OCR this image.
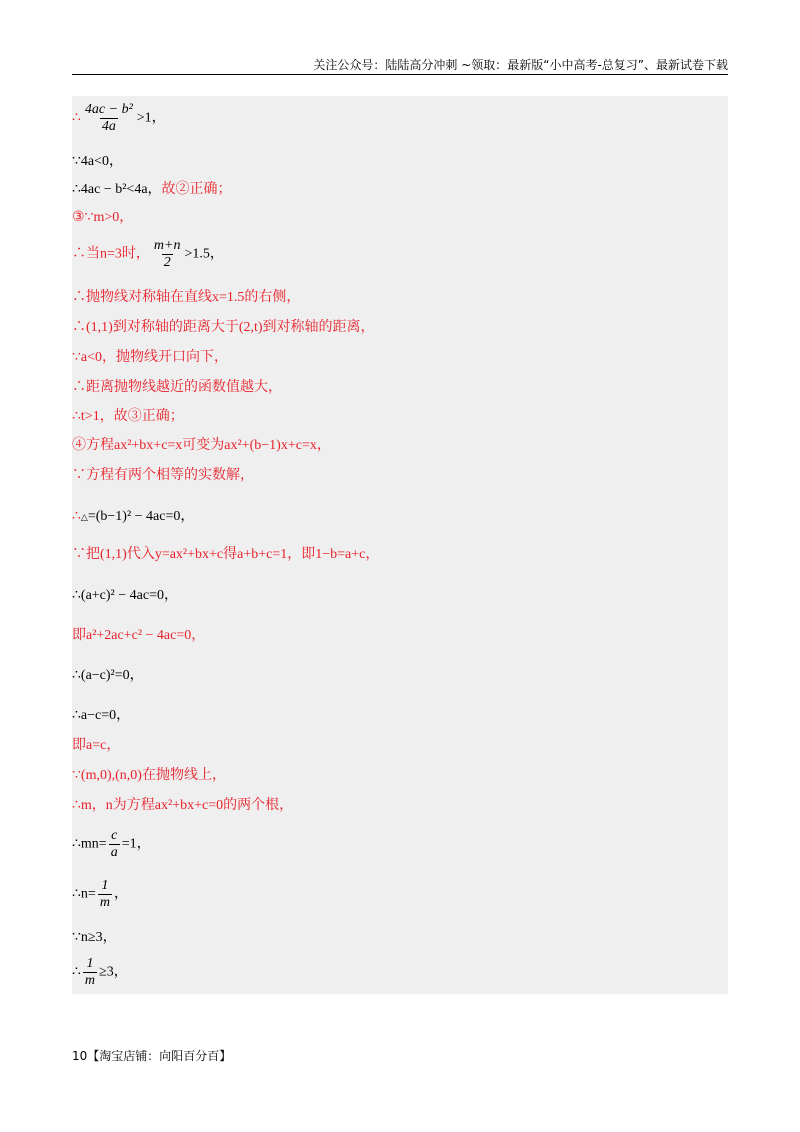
关注公众号：陆陆高分冲刺 ~领取：最新版“小中高考-总复习”、最新试卷下载
∴ $\frac{\text{4ac − b²}}{4a} >1$，
∵4a<0，
∴4ac − b²<4a，故②正确；
③∵m>0，
∴当n=3时， $\frac{m+n}{2} >1.5$，
∴抛物线对称轴在直线x=1.5的右侧，
∴(1,1)到对称轴的距离大于(2,t)到对称轴的距离，
∵a<0，抛物线开口向下，
∴距离抛物线越近的函数值越大，
∴t>1，故③正确；
④方程ax²+bx+c=x可变为ax²+(b−1)x+c=x，
∵方程有两个相等的实数解，
∴△=(b−1)² − 4ac=0，
∵把(1,1)代入y=ax²+bx+c得a+b+c=1，即1−b=a+c，
∴(a+c)² − 4ac=0，
即a²+2ac+c² − 4ac=0，
∴(a−c)²=0，
∴a−c=0，
即a=c，
∵(m,0),(n,0)在抛物线上，
∴m，n为方程ax²+bx+c=0的两个根，
∴mn= $\frac{c}{a} =1$，
∴n= $\frac{1}{m}$ ，
∵n≥3，
∴ $\frac{1}{m} \ge 3$，
10【淘宝店铺：向阳百分百】
